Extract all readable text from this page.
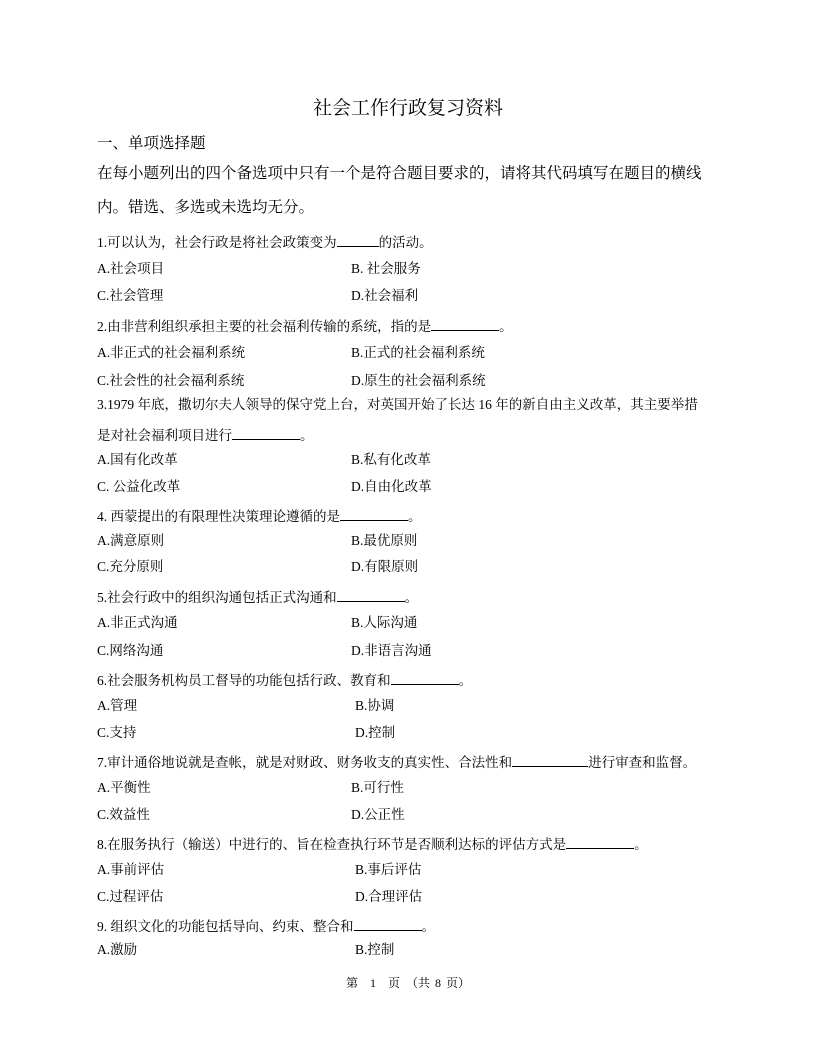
社会工作行政复习资料
一、单项选择题
在每小题列出的四个备选项中只有一个是符合题目要求的，请将其代码填写在题目的横线
内。错选、多选或未选均无分。
1.可以认为，社会行政是将社会政策变为	的活动。
A.社会项目	B. 社会服务
C.社会管理	D.社会福利
2.由非营利组织承担主要的社会福利传输的系统，指的是	。
A.非正式的社会福利系统	B.正式的社会福利系统
C.社会性的社会福利系统	D.原生的社会福利系统
3.1979 年底，撒切尔夫人领导的保守党上台，对英国开始了长达 16 年的新自由主义改革，其主要举措
是对社会福利项目进行	。
A.国有化改革	B.私有化改革
C. 公益化改革	D.自由化改革
4. 西蒙提出的有限理性决策理论遵循的是	。
A.满意原则	B.最优原则
C.充分原则	D.有限原则
5.社会行政中的组织沟通包括正式沟通和	。
A.非正式沟通	B.人际沟通
C.网络沟通	D.非语言沟通
6.社会服务机构员工督导的功能包括行政、教育和	。
A.管理	B.协调
C.支持	D.控制
7.审计通俗地说就是查帐，就是对财政、财务收支的真实性、合法性和	进行审查和监督。
A.平衡性	B.可行性
C.效益性	D.公正性
8.在服务执行（输送）中进行的、旨在检查执行环节是否顺利达标的评估方式是	。
A.事前评估	B.事后评估
C.过程评估	D.合理评估
9. 组织文化的功能包括导向、约束、整合和	。
A.激励	B.控制
第　1　页　（共 8 页）
